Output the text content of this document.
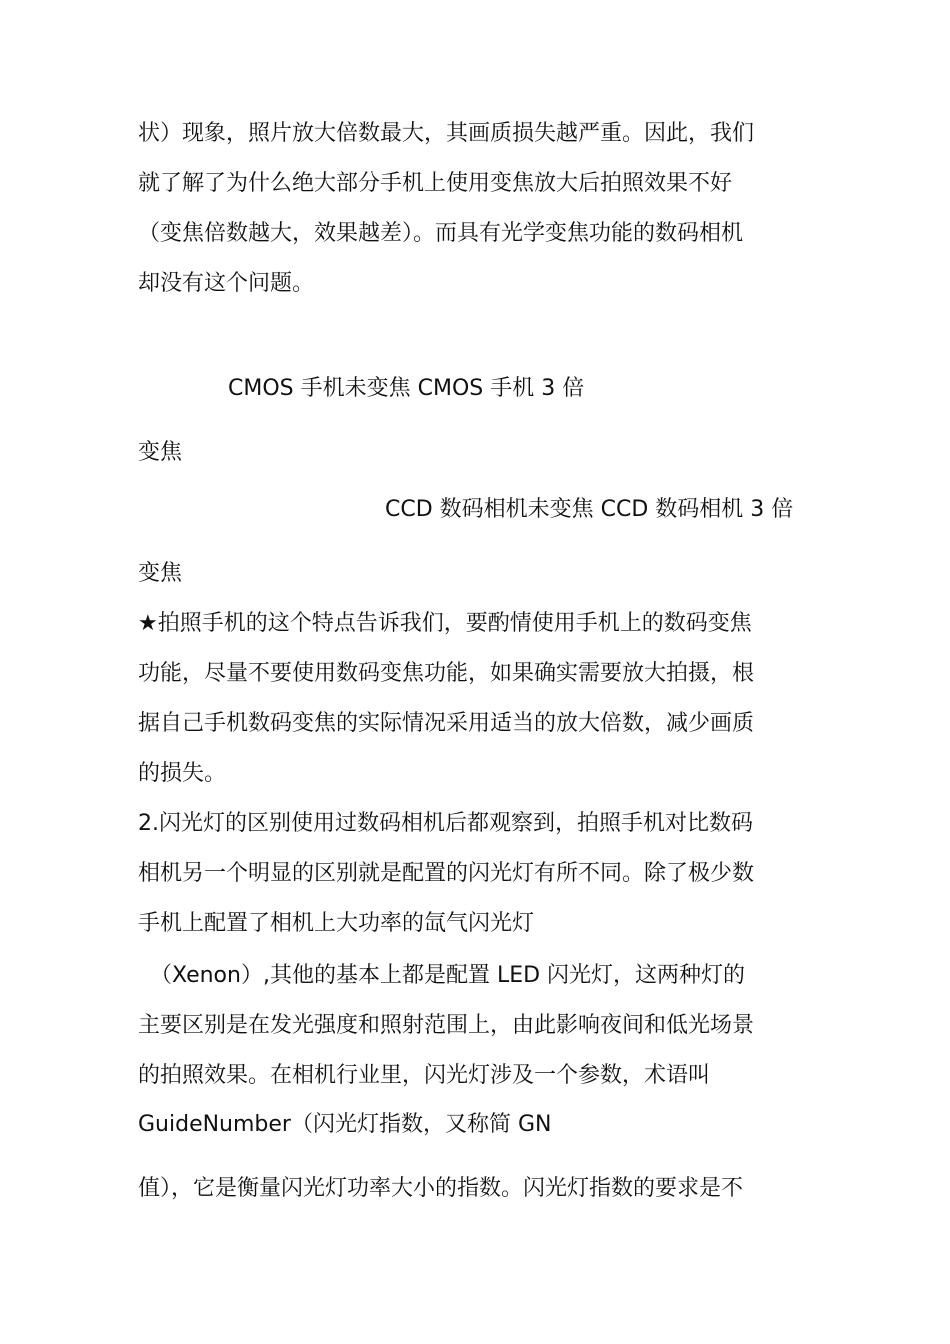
状）现象，照片放大倍数最大，其画质损失越严重。因此，我们
就了解了为什么绝大部分手机上使用变焦放大后拍照效果不好
（变焦倍数越大，效果越差）。而具有光学变焦功能的数码相机
却没有这个问题。
CMOS 手机未变焦 CMOS 手机 3 倍
变焦
CCD 数码相机未变焦 CCD 数码相机 3 倍
变焦
★拍照手机的这个特点告诉我们，要酌情使用手机上的数码变焦
功能，尽量不要使用数码变焦功能，如果确实需要放大拍摄，根
据自己手机数码变焦的实际情况采用适当的放大倍数，减少画质
的损失。
2.闪光灯的区别使用过数码相机后都观察到，拍照手机对比数码
相机另一个明显的区别就是配置的闪光灯有所不同。除了极少数
手机上配置了相机上大功率的氙气闪光灯
（Xenon）,其他的基本上都是配置 LED 闪光灯，这两种灯的
主要区别是在发光强度和照射范围上，由此影响夜间和低光场景
的拍照效果。在相机行业里，闪光灯涉及一个参数，术语叫
GuideNumber（闪光灯指数，又称简 GN
值），它是衡量闪光灯功率大小的指数。闪光灯指数的要求是不
